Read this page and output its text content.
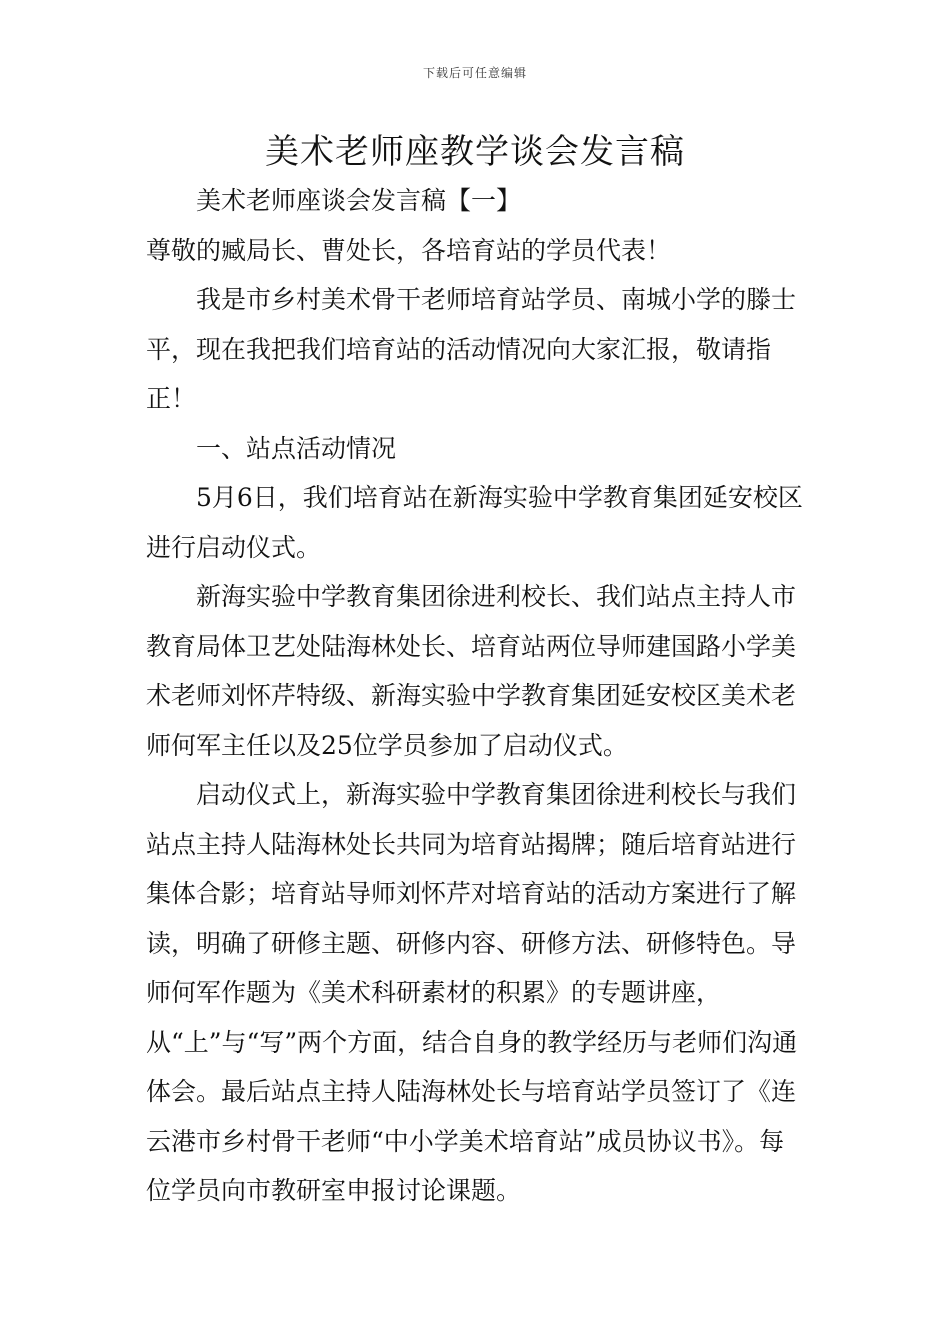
下载后可任意编辑
美术老师座教学谈会发言稿

美术老师座谈会发言稿【一】

尊敬的臧局长、曹处长，各培育站的学员代表！

我是市乡村美术骨干老师培育站学员、南城小学的滕士平，现在我把我们培育站的活动情况向大家汇报，敬请指正！

一、站点活动情况

5月6日，我们培育站在新海实验中学教育集团延安校区进行启动仪式。

新海实验中学教育集团徐进利校长、我们站点主持人市教育局体卫艺处陆海林处长、培育站两位导师建国路小学美术老师刘怀芹特级、新海实验中学教育集团延安校区美术老师何军主任以及25位学员参加了启动仪式。

启动仪式上，新海实验中学教育集团徐进利校长与我们站点主持人陆海林处长共同为培育站揭牌；随后培育站进行集体合影；培育站导师刘怀芹对培育站的活动方案进行了解读，明确了研修主题、研修内容、研修方法、研修特色。导师何军作题为《美术科研素材的积累》的专题讲座，从“上”与“写”两个方面，结合自身的教学经历与老师们沟通体会。最后站点主持人陆海林处长与培育站学员签订了《连云港市乡村骨干老师“中小学美术培育站”成员协议书》。每位学员向市教研室申报讨论课题。
